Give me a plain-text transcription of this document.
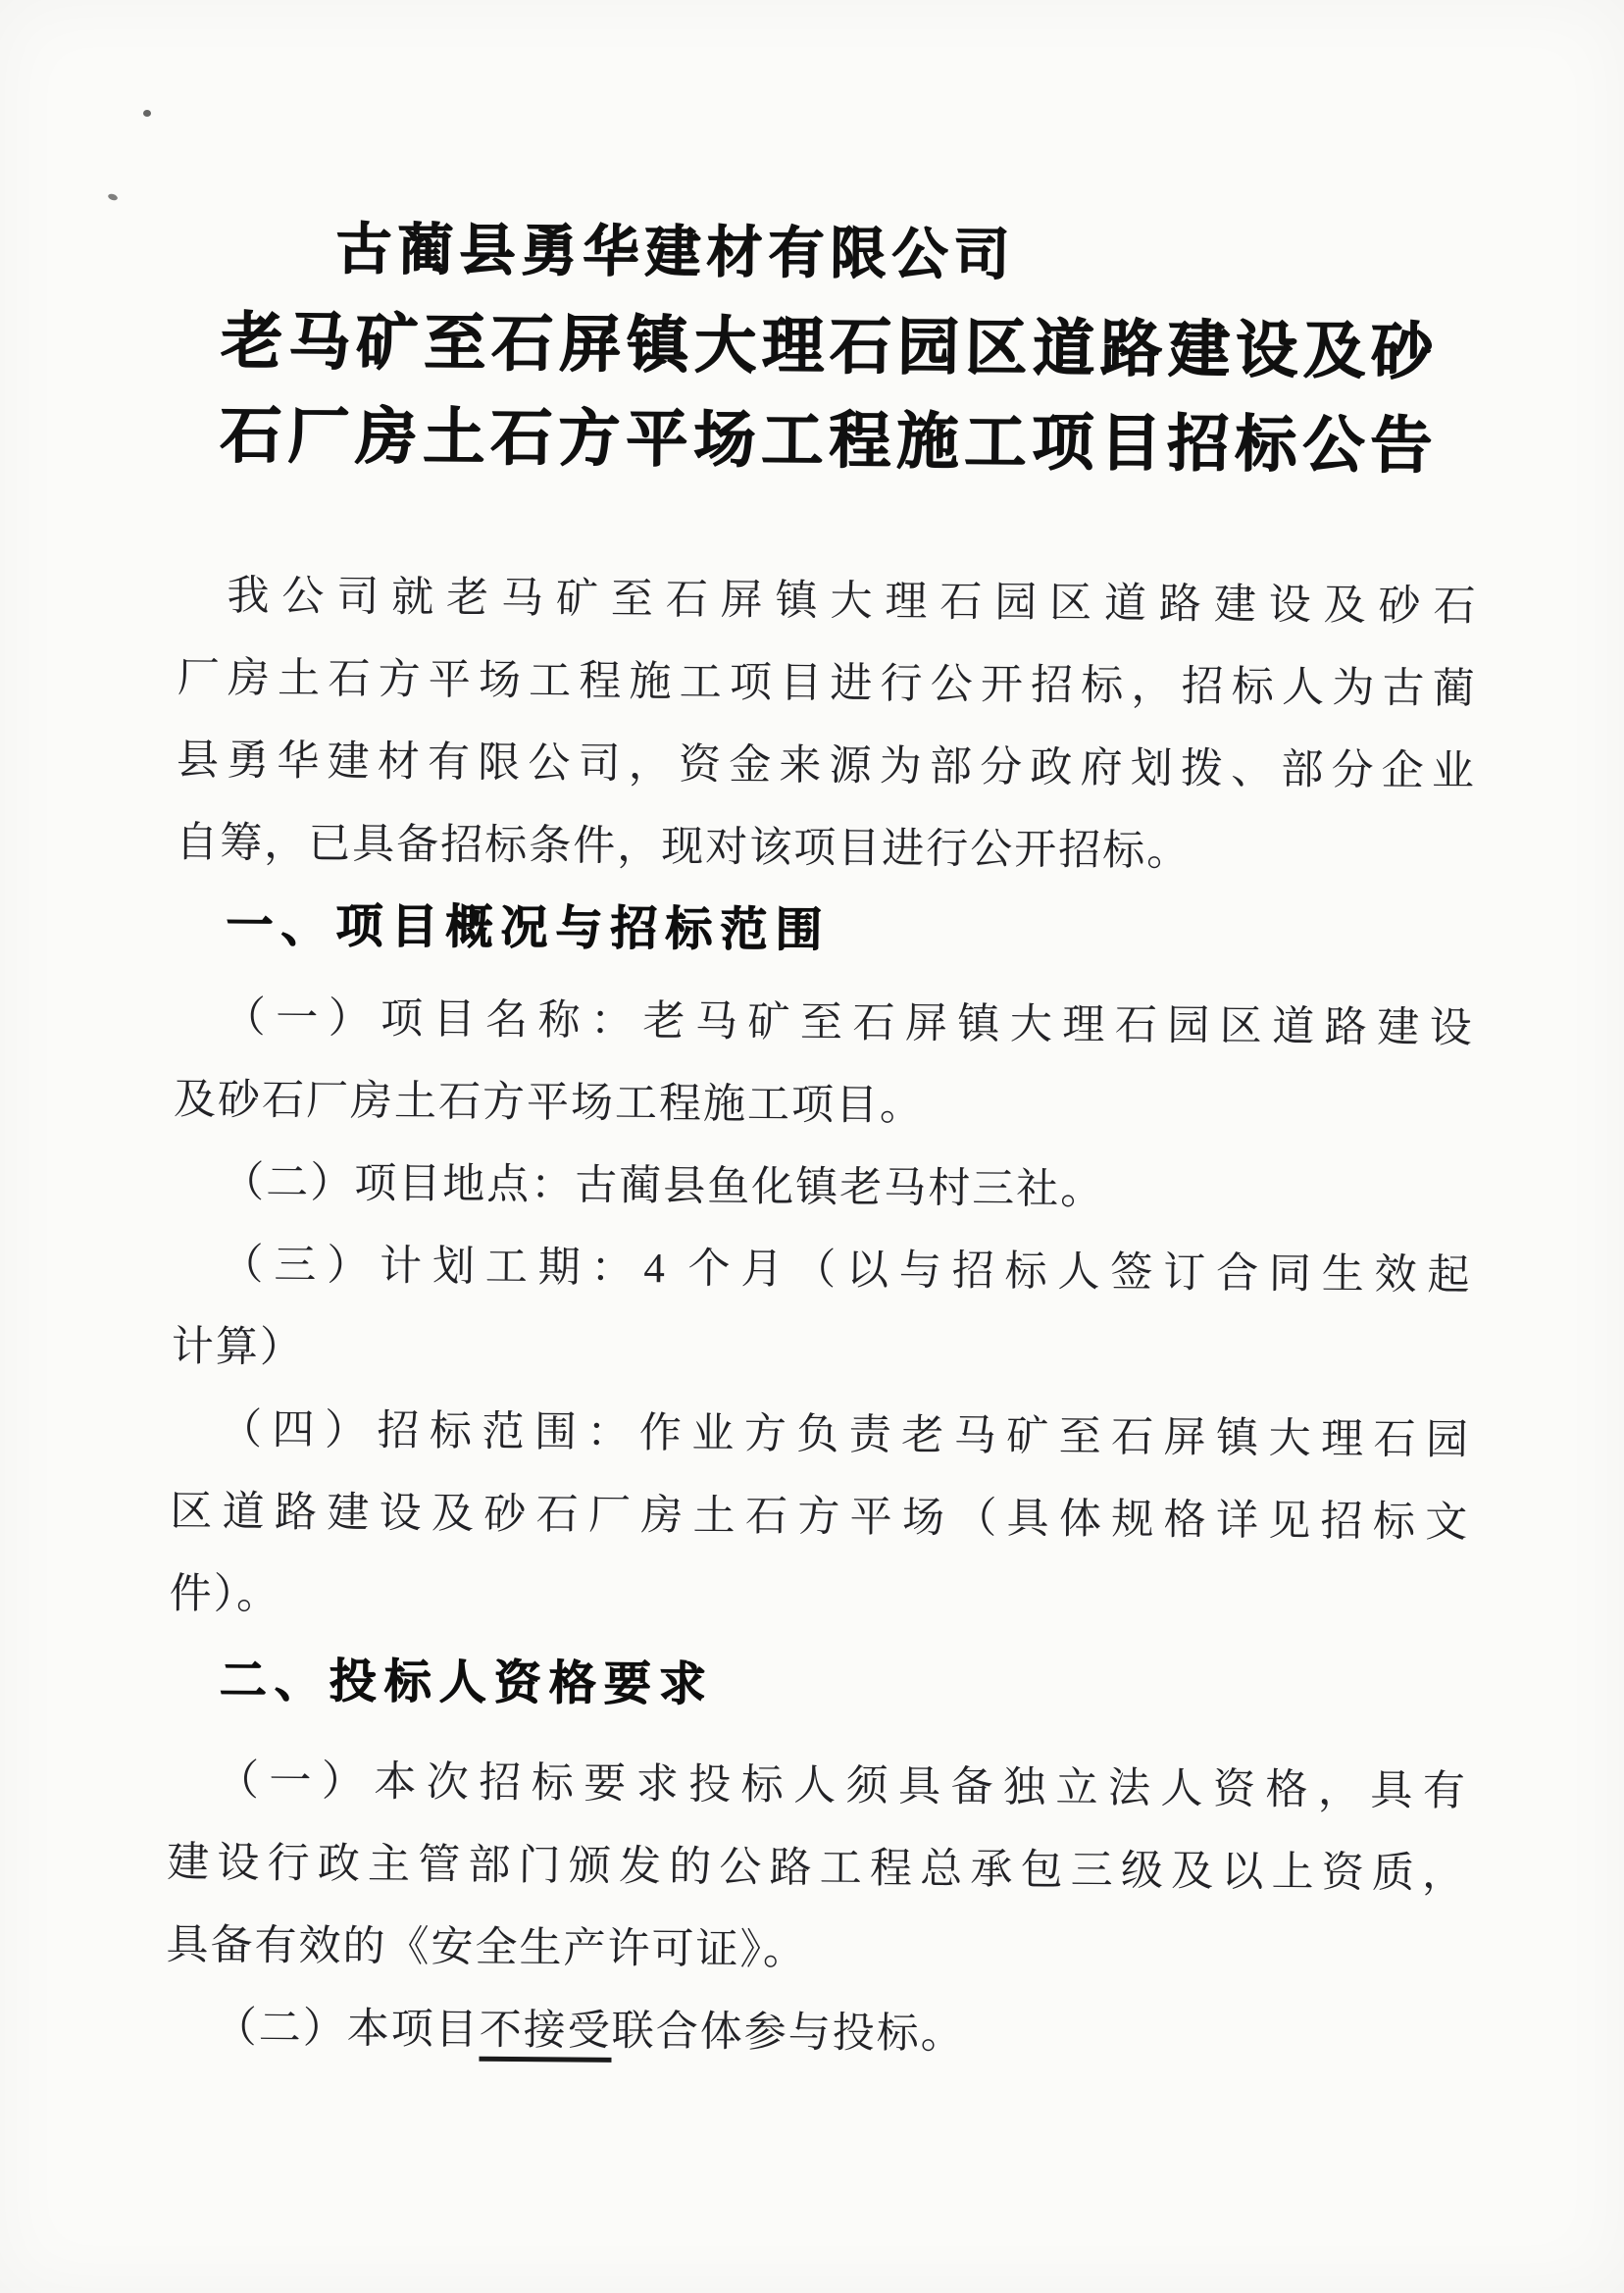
古蔺县勇华建材有限公司
老马矿至石屏镇大理石园区道路建设及砂
石厂房土石方平场工程施工项目招标公告
我公司就老马矿至石屏镇大理石园区道路建设及砂石
厂房土石方平场工程施工项目进行公开招标，招标人为古蔺
县勇华建材有限公司，资金来源为部分政府划拨、部分企业
自筹，已具备招标条件，现对该项目进行公开招标。
一、项目概况与招标范围
（一）项目名称：老马矿至石屏镇大理石园区道路建设
及砂石厂房土石方平场工程施工项目。
（二）项目地点：古蔺县鱼化镇老马村三社。
（三）计划工期：4 个月（以与招标人签订合同生效起
计算）
（四）招标范围：作业方负责老马矿至石屏镇大理石园
区道路建设及砂石厂房土石方平场（具体规格详见招标文
件）。
二、投标人资格要求
（一）本次招标要求投标人须具备独立法人资格，具有
建设行政主管部门颁发的公路工程总承包三级及以上资质，
具备有效的《安全生产许可证》。
（二）本项目不接受联合体参与投标。
